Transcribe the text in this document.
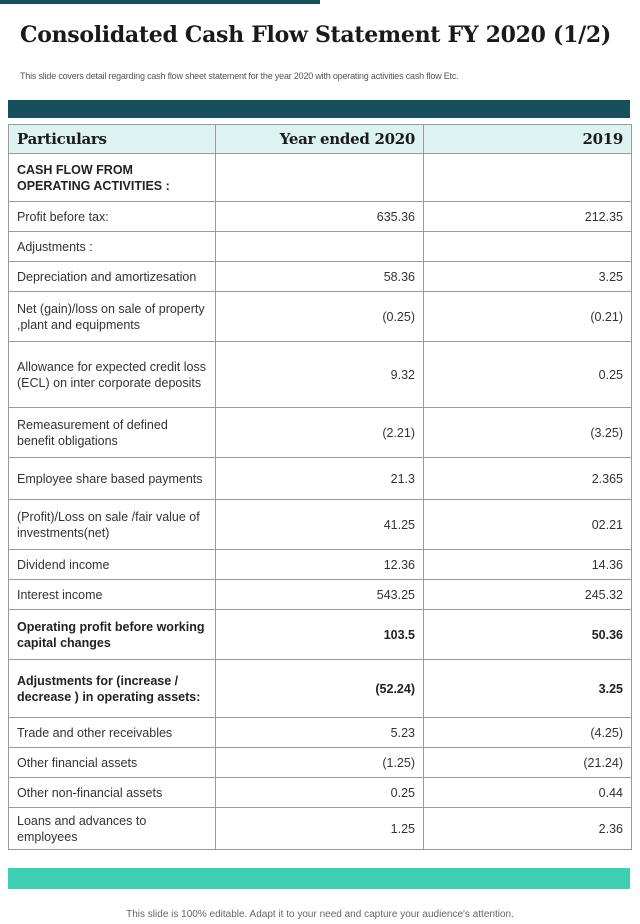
Consolidated Cash Flow Statement FY 2020 (1/2)
This slide covers detail regarding cash flow sheet statement for the year 2020 with operating activities cash flow Etc.
Particulars	Year ended 2020	2019
CASH FLOW FROM OPERATING ACTIVITIES :		
Profit before tax:	635.36	212.35
Adjustments :		
Depreciation and amortizesation	58.36	3.25
Net (gain)/loss on sale of property ,plant and equipments	(0.25)	(0.21)
Allowance for expected credit loss (ECL) on inter corporate deposits	9.32	0.25
Remeasurement of defined benefit obligations	(2.21)	(3.25)
Employee share based payments	21.3	2.365
(Profit)/Loss on sale /fair value of investments(net)	41.25	02.21
Dividend income	12.36	14.36
Interest income	543.25	245.32
Operating profit before working capital changes	103.5	50.36
Adjustments for (increase / decrease ) in operating assets:	(52.24)	3.25
Trade and other receivables	5.23	(4.25)
Other financial assets	(1.25)	(21.24)
Other non-financial assets	0.25	0.44
Loans and advances to employees	1.25	2.36
This slide is 100% editable. Adapt it to your need and capture your audience's attention.
